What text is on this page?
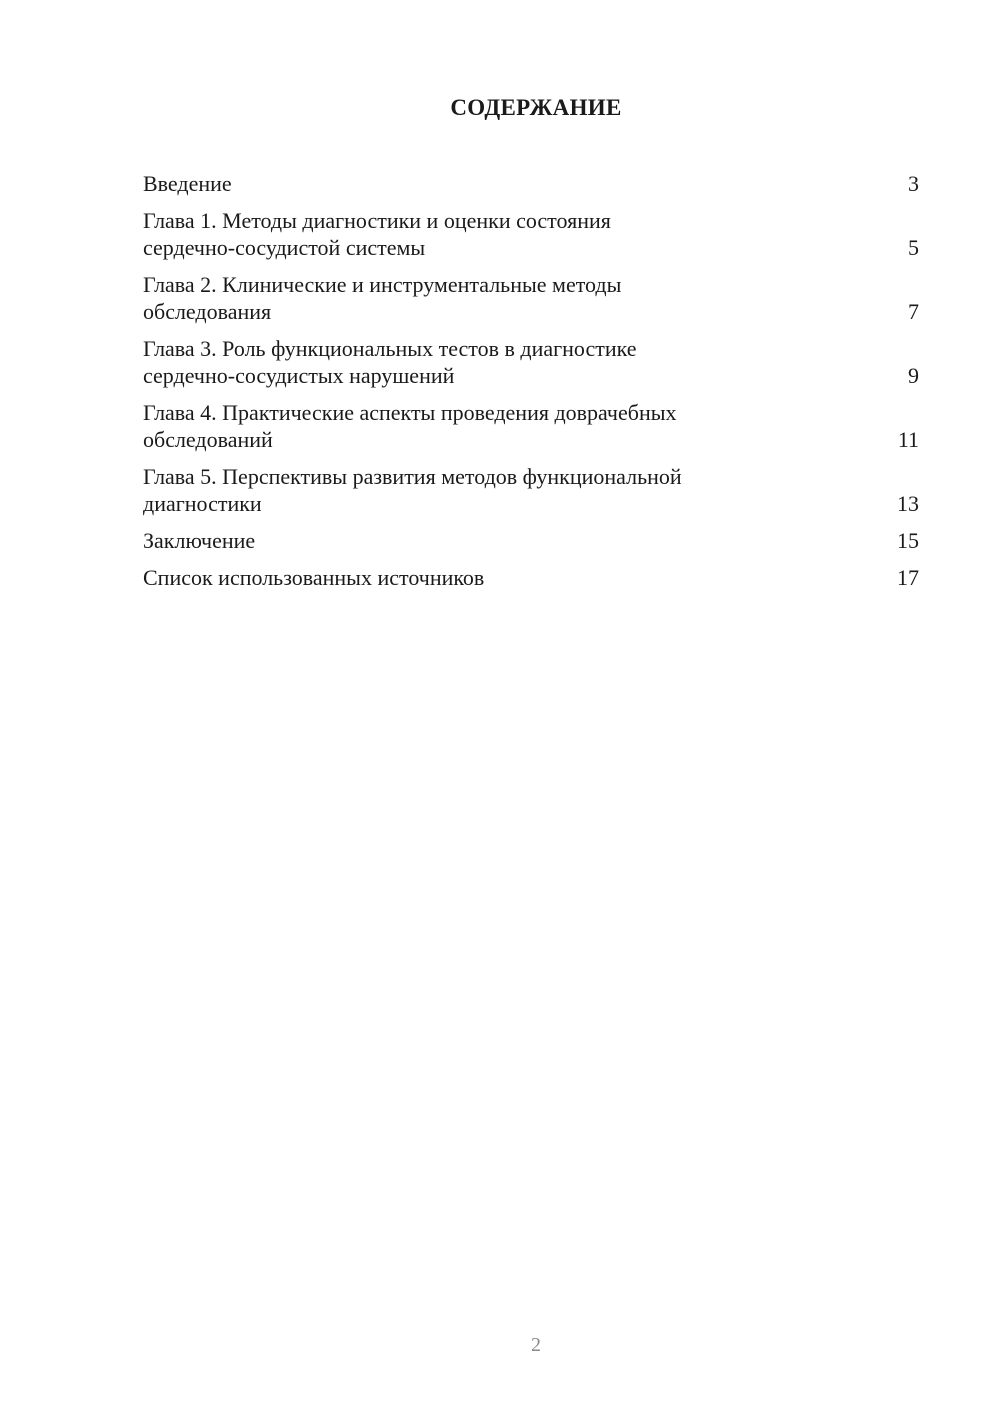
СОДЕРЖАНИЕ
Введение	3
Глава 1. Методы диагностики и оценки состояния
сердечно-сосудистой системы	5
Глава 2. Клинические и инструментальные методы
обследования	7
Глава 3. Роль функциональных тестов в диагностике
сердечно-сосудистых нарушений	9
Глава 4. Практические аспекты проведения доврачебных
обследований	11
Глава 5. Перспективы развития методов функциональной
диагностики	13
Заключение	15
Список использованных источников	17
2
